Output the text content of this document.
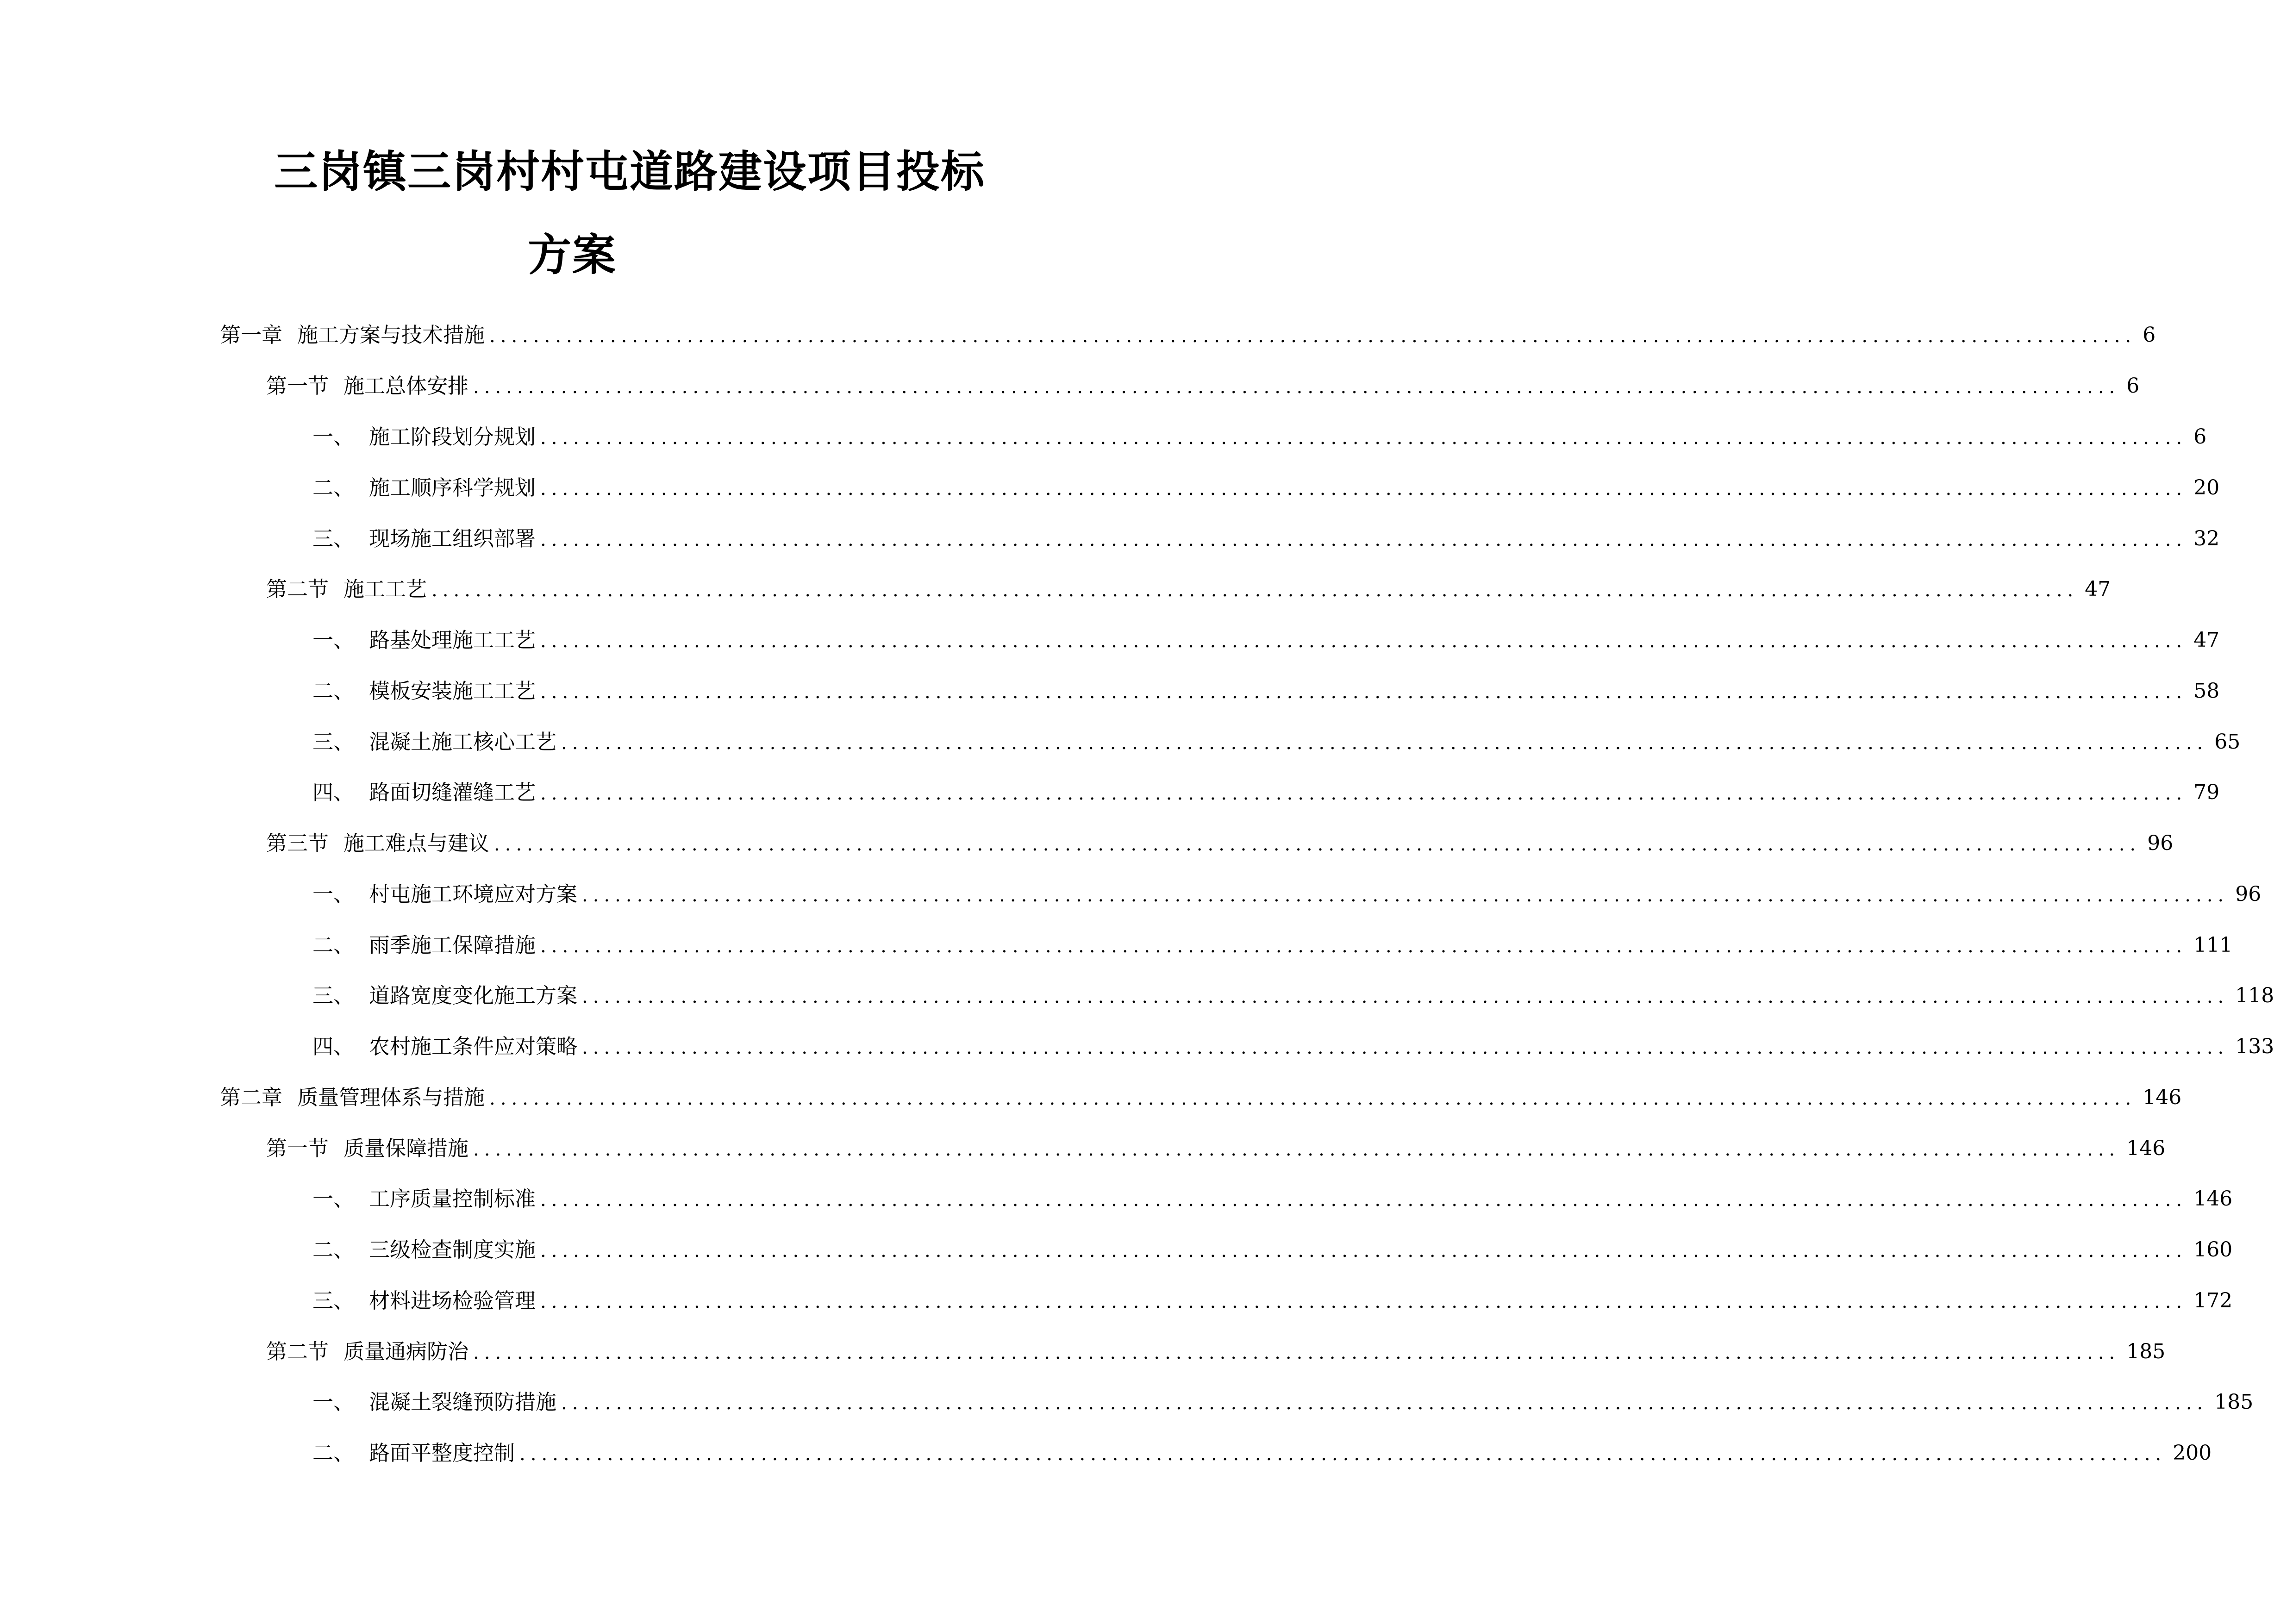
三岗镇三岗村村屯道路建设项目投标
方案
第一章 施工方案与技术措施 ...................................................................................................................................................... 6
第一节 施工总体安排 ...................................................................................................................................................... 6
一、 施工阶段划分规划 ...................................................................................................................................................... 6
二、 施工顺序科学规划 ...................................................................................................................................................... 20
三、 现场施工组织部署 ...................................................................................................................................................... 32
第二节 施工工艺 ...................................................................................................................................................... 47
一、 路基处理施工工艺 ...................................................................................................................................................... 47
二、 模板安装施工工艺 ...................................................................................................................................................... 58
三、 混凝土施工核心工艺 ...................................................................................................................................................... 65
四、 路面切缝灌缝工艺 ...................................................................................................................................................... 79
第三节 施工难点与建议 ...................................................................................................................................................... 96
一、 村屯施工环境应对方案 ...................................................................................................................................................... 96
二、 雨季施工保障措施 ...................................................................................................................................................... 111
三、 道路宽度变化施工方案 ...................................................................................................................................................... 118
四、 农村施工条件应对策略 ...................................................................................................................................................... 133
第二章 质量管理体系与措施 ...................................................................................................................................................... 146
第一节 质量保障措施 ...................................................................................................................................................... 146
一、 工序质量控制标准 ...................................................................................................................................................... 146
二、 三级检查制度实施 ...................................................................................................................................................... 160
三、 材料进场检验管理 ...................................................................................................................................................... 172
第二节 质量通病防治 ...................................................................................................................................................... 185
一、 混凝土裂缝预防措施 ...................................................................................................................................................... 185
二、 路面平整度控制 ...................................................................................................................................................... 200
